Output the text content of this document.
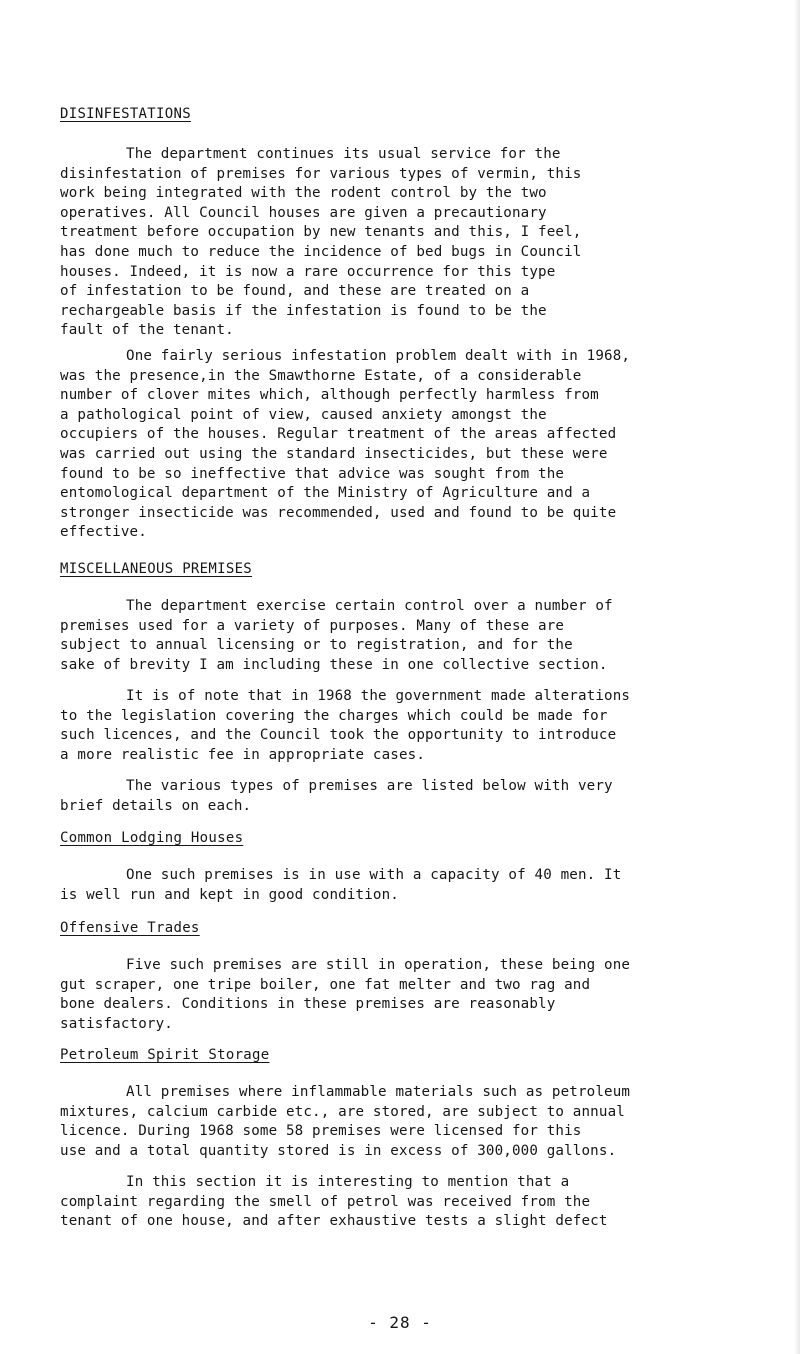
DISINFESTATIONS
The department continues its usual service for the
disinfestation of premises for various types of vermin, this
work being integrated with the rodent control by the two
operatives. All Council houses are given a precautionary
treatment before occupation by new tenants and this, I feel,
has done much to reduce the incidence of bed bugs in Council
houses. Indeed, it is now a rare occurrence for this type
of infestation to be found, and these are treated on a
rechargeable basis if the infestation is found to be the
fault of the tenant.
One fairly serious infestation problem dealt with in 1968,
was the presence,in the Smawthorne Estate, of a considerable
number of clover mites which, although perfectly harmless from
a pathological point of view, caused anxiety amongst the
occupiers of the houses. Regular treatment of the areas affected
was carried out using the standard insecticides, but these were
found to be so ineffective that advice was sought from the
entomological department of the Ministry of Agriculture and a
stronger insecticide was recommended, used and found to be quite
effective.
MISCELLANEOUS PREMISES
The department exercise certain control over a number of
premises used for a variety of purposes. Many of these are
subject to annual licensing or to registration, and for the
sake of brevity I am including these in one collective section.
It is of note that in 1968 the government made alterations
to the legislation covering the charges which could be made for
such licences, and the Council took the opportunity to introduce
a more realistic fee in appropriate cases.
The various types of premises are listed below with very
brief details on each.
Common Lodging Houses
One such premises is in use with a capacity of 40 men. It
is well run and kept in good condition.
Offensive Trades
Five such premises are still in operation, these being one
gut scraper, one tripe boiler, one fat melter and two rag and
bone dealers. Conditions in these premises are reasonably
satisfactory.
Petroleum Spirit Storage
All premises where inflammable materials such as petroleum
mixtures, calcium carbide etc., are stored, are subject to annual
licence. During 1968 some 58 premises were licensed for this
use and a total quantity stored is in excess of 300,000 gallons.
In this section it is interesting to mention that a
complaint regarding the smell of petrol was received from the
tenant of one house, and after exhaustive tests a slight defect
- 28 -
